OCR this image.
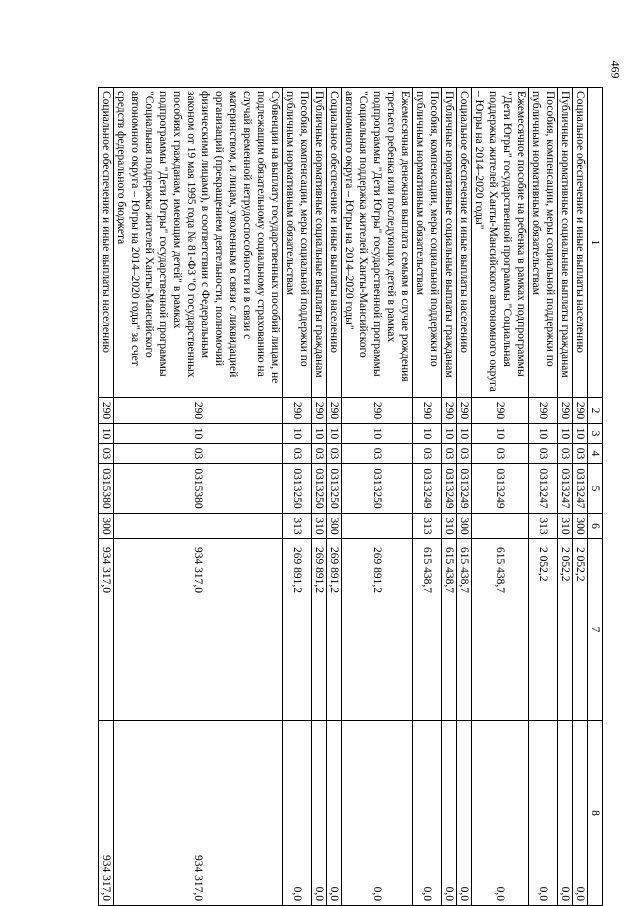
469
1	2	3	4	5	6	7	8
Социальное обеспечение и иные выплаты населению	290	10	03	0313247	300	2 052,2	0,0
Публичные нормативные социальные выплаты гражданам	290	10	03	0313247	310	2 052,2	0,0
Пособия, компенсации, меры социальной поддержки по публичным нормативным обязательствам	290	10	03	0313247	313	2 052,2	0,0
Ежемесячное пособие на ребенка в рамках подпрограммы "Дети Югры" государственной программы "Социальная поддержка жителей Ханты-Мансийского автономного округа – Югры на 2014–2020 годы"	290	10	03	0313249		615 438,7	0,0
Социальное обеспечение и иные выплаты населению	290	10	03	0313249	300	615 438,7	0,0
Публичные нормативные социальные выплаты гражданам	290	10	03	0313249	310	615 438,7	0,0
Пособия, компенсации, меры социальной поддержки по публичным нормативным обязательствам	290	10	03	0313249	313	615 438,7	0,0
Ежемесячная денежная выплата семьям в случае рождения третьего ребенка или последующих детей в рамках подпрограммы "Дети Югры" государственной программы "Социальная поддержка жителей Ханты-Мансийского автономного округа – Югры на 2014–2020 годы"	290	10	03	0313250		269 891,2	0,0
Социальное обеспечение и иные выплаты населению	290	10	03	0313250	300	269 891,2	0,0
Публичные нормативные социальные выплаты гражданам	290	10	03	0313250	310	269 891,2	0,0
Пособия, компенсации, меры социальной поддержки по публичным нормативным обязательствам	290	10	03	0313250	313	269 891,2	0,0
Субвенции на выплату государственных пособий лицам, не подлежащим обязательному социальному страхованию на случай временной нетрудоспособности и в связи с материнством, и лицам, уволенным в связи с ликвидацией организаций (прекращением деятельности, полномочий физическими лицами), в соответствии с Федеральным законом от 19 мая 1995 года № 81-ФЗ "О государственных пособиях гражданам, имеющим детей" в рамках подпрограммы "Дети Югры" государственной программы "Социальная поддержка жителей Ханты-Мансийского автономного округа – Югры на 2014–2020 годы" за счет средств федерального бюджета	290	10	03	0315380		934 317,0	934 317,0
Социальное обеспечение и иные выплаты населению	290	10	03	0315380	300	934 317,0	934 317,0
